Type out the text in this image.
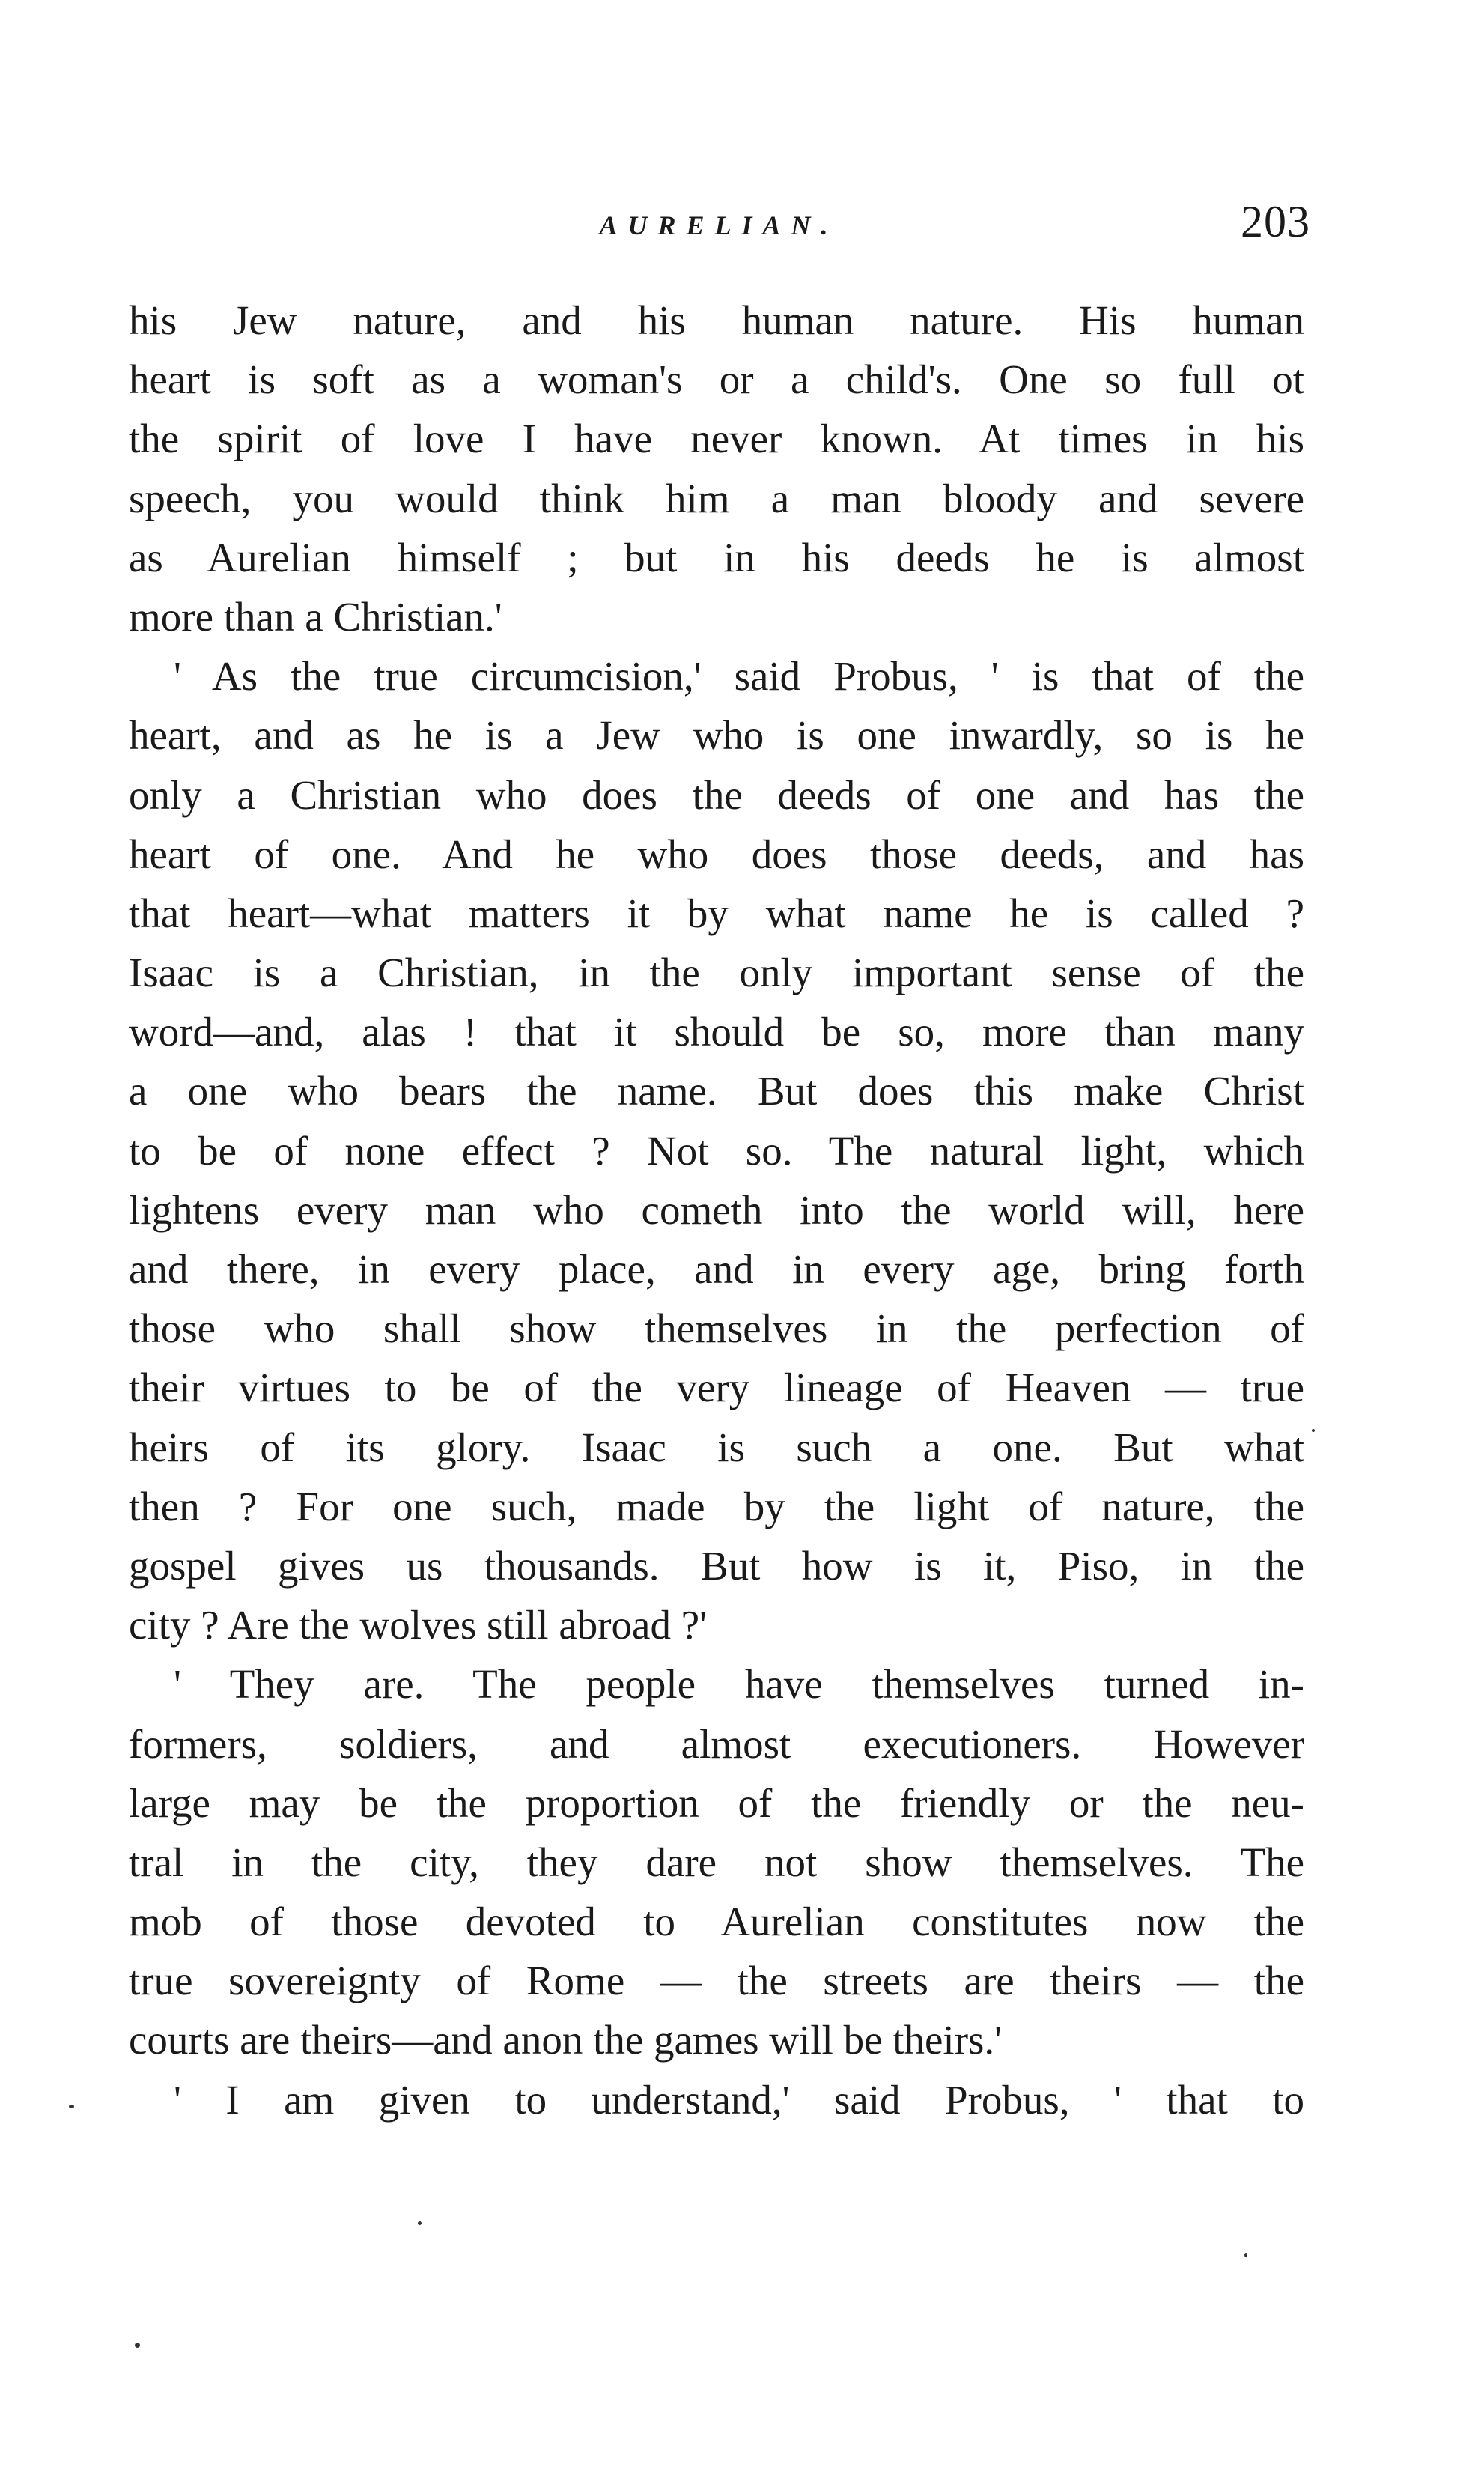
AURELIAN.	203
his Jew nature, and his human nature. His human
heart is soft as a woman's or a child's. One so full ot
the spirit of love I have never known. At times in his
speech, you would think him a man bloody and severe
as Aurelian himself ; but in his deeds he is almost
more than a Christian.'
' As the true circumcision,' said Probus, ' is that of the
heart, and as he is a Jew who is one inwardly, so is he
only a Christian who does the deeds of one and has the
heart of one. And he who does those deeds, and has
that heart—what matters it by what name he is called ?
Isaac is a Christian, in the only important sense of the
word—and, alas ! that it should be so, more than many
a one who bears the name. But does this make Christ
to be of none effect ? Not so. The natural light, which
lightens every man who cometh into the world will, here
and there, in every place, and in every age, bring forth
those who shall show themselves in the perfection of
their virtues to be of the very lineage of Heaven — true
heirs of its glory. Isaac is such a one. But what
then ? For one such, made by the light of nature, the
gospel gives us thousands. But how is it, Piso, in the
city ? Are the wolves still abroad ?'
' They are. The people have themselves turned in-
formers, soldiers, and almost executioners. However
large may be the proportion of the friendly or the neu-
tral in the city, they dare not show themselves. The
mob of those devoted to Aurelian constitutes now the
true sovereignty of Rome — the streets are theirs — the
courts are theirs—and anon the games will be theirs.'
' I am given to understand,' said Probus, ' that to
